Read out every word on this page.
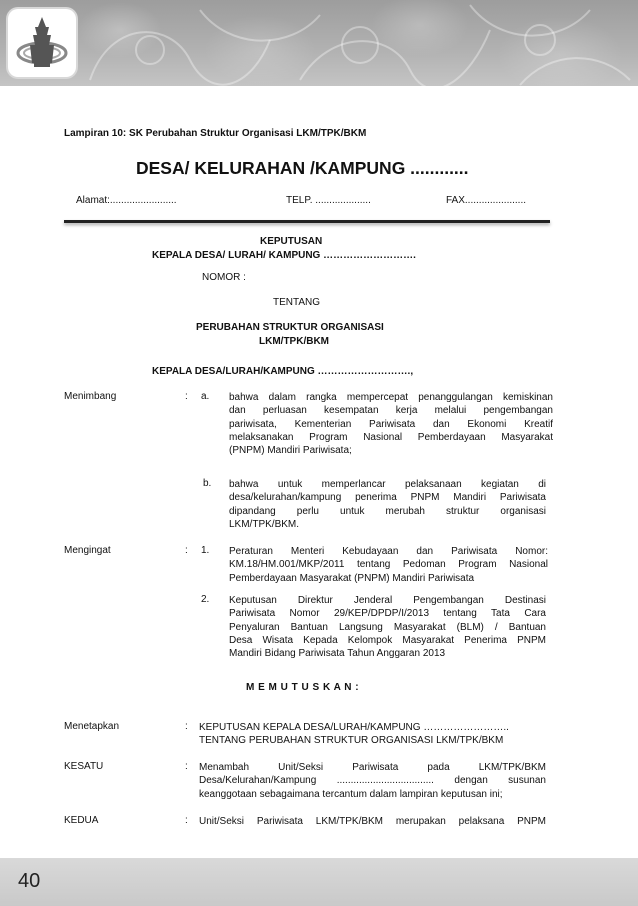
Lampiran 10: SK Perubahan Struktur Organisasi LKM/TPK/BKM
DESA/ KELURAHAN /KAMPUNG ............
Alamat:........................	TELP. ....................	FAX......................
KEPUTUSAN
KEPALA DESA/ LURAH/ KAMPUNG ……………………….
NOMOR :
TENTANG
PERUBAHAN STRUKTUR ORGANISASI
LKM/TPK/BKM
KEPALA DESA/LURAH/KAMPUNG ……………………….,
Menimbang	: a. bahwa dalam rangka mempercepat penanggulangan kemiskinan
dan perluasan kesempatan kerja melalui pengembangan
pariwisata, Kementerian Pariwisata dan Ekonomi Kreatif
melaksanakan Program Nasional Pemberdayaan Masyarakat
(PNPM) Mandiri Pariwisata;
b. bahwa untuk memperlancar pelaksanaan kegiatan di
desa/kelurahan/kampung penerima PNPM Mandiri Pariwisata
dipandang perlu untuk merubah struktur organisasi
LKM/TPK/BKM.
Mengingat	: 1. Peraturan Menteri Kebudayaan dan Pariwisata Nomor:
KM.18/HM.001/MKP/2011 tentang Pedoman Program Nasional
Pemberdayaan Masyarakat (PNPM) Mandiri Pariwisata
2. Keputusan Direktur Jenderal Pengembangan Destinasi
Pariwisata Nomor 29/KEP/DPDP/I/2013 tentang Tata Cara
Penyaluran Bantuan Langsung Masyarakat (BLM) / Bantuan
Desa Wisata Kepada Kelompok Masyarakat Penerima PNPM
Mandiri Bidang Pariwisata Tahun Anggaran 2013
M E M U T U S K A N :
Menetapkan	: KEPUTUSAN KEPALA DESA/LURAH/KAMPUNG ……………………..
TENTANG PERUBAHAN STRUKTUR ORGANISASI LKM/TPK/BKM
KESATU	: Menambah Unit/Seksi Pariwisata pada LKM/TPK/BKM
Desa/Kelurahan/Kampung ................................... dengan susunan
keanggotaan sebagaimana tercantum dalam lampiran keputusan ini;
KEDUA	: Unit/Seksi Pariwisata LKM/TPK/BKM merupakan pelaksana PNPM
40
